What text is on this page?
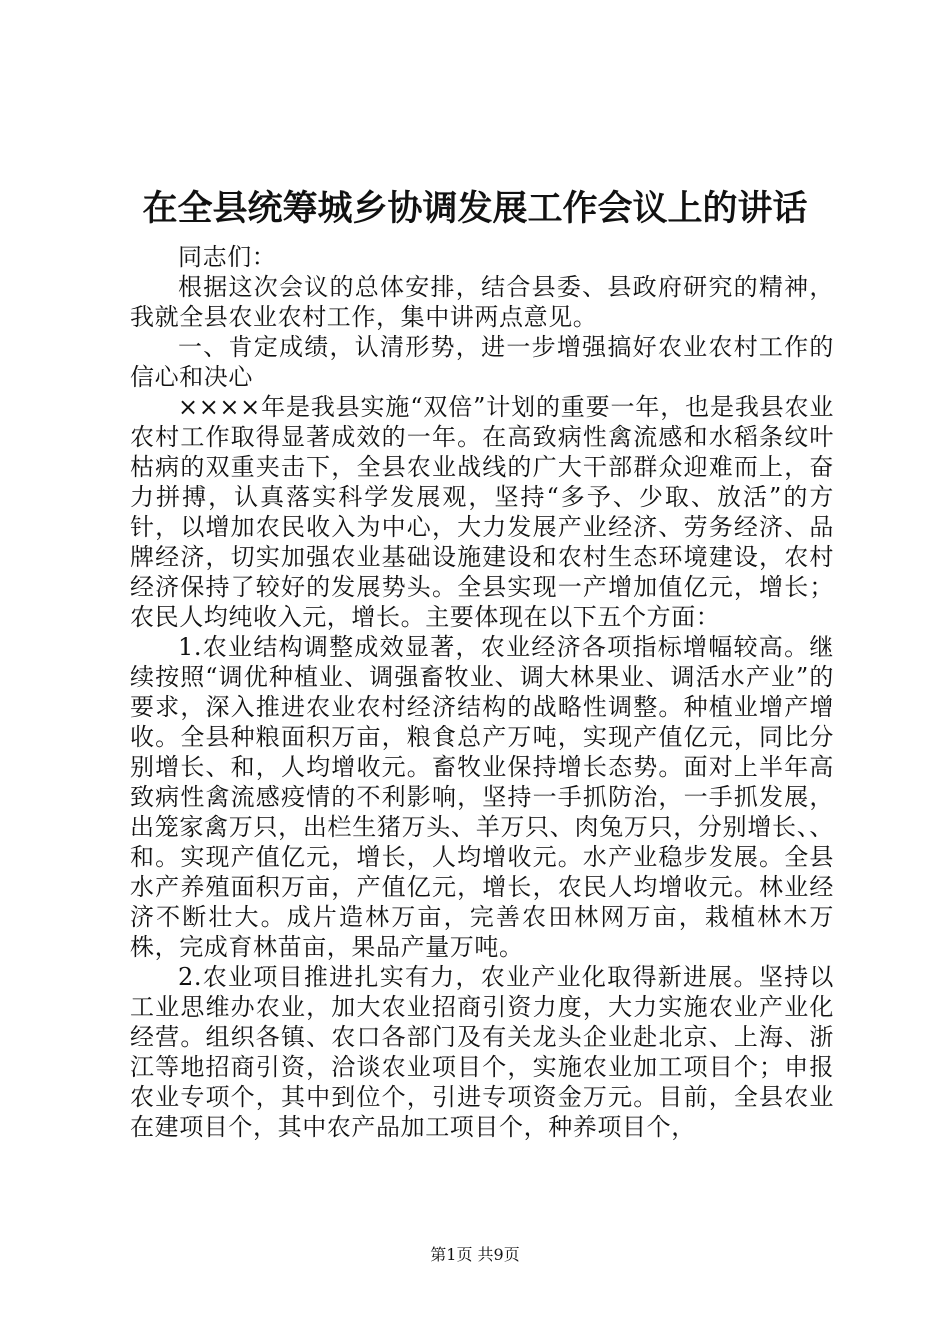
在全县统筹城乡协调发展工作会议上的讲话

同志们：

根据这次会议的总体安排，结合县委、县政府研究的精神，我就全县农业农村工作，集中讲两点意见。

一、肯定成绩，认清形势，进一步增强搞好农业农村工作的信心和决心

××××年是我县实施“双倍”计划的重要一年，也是我县农业农村工作取得显著成效的一年。在高致病性禽流感和水稻条纹叶枯病的双重夹击下，全县农业战线的广大干部群众迎难而上，奋力拼搏，认真落实科学发展观，坚持“多予、少取、放活”的方针，以增加农民收入为中心，大力发展产业经济、劳务经济、品牌经济，切实加强农业基础设施建设和农村生态环境建设，农村经济保持了较好的发展势头。全县实现一产增加值亿元，增长；农民人均纯收入元，增长。主要体现在以下五个方面：

1.农业结构调整成效显著，农业经济各项指标增幅较高。继续按照“调优种植业、调强畜牧业、调大林果业、调活水产业”的要求，深入推进农业农村经济结构的战略性调整。种植业增产增收。全县种粮面积万亩，粮食总产万吨，实现产值亿元，同比分别增长、和，人均增收元。畜牧业保持增长态势。面对上半年高致病性禽流感疫情的不利影响，坚持一手抓防治，一手抓发展，出笼家禽万只，出栏生猪万头、羊万只、肉兔万只，分别增长、、和。实现产值亿元，增长，人均增收元。水产业稳步发展。全县水产养殖面积万亩，产值亿元，增长，农民人均增收元。林业经济不断壮大。成片造林万亩，完善农田林网万亩，栽植林木万株，完成育林苗亩，果品产量万吨。

2.农业项目推进扎实有力，农业产业化取得新进展。坚持以工业思维办农业，加大农业招商引资力度，大力实施农业产业化经营。组织各镇、农口各部门及有关龙头企业赴北京、上海、浙江等地招商引资，洽谈农业项目个，实施农业加工项目个；申报农业专项个，其中到位个，引进专项资金万元。目前，全县农业在建项目个，其中农产品加工项目个，种养项目个，

第1页 共9页
